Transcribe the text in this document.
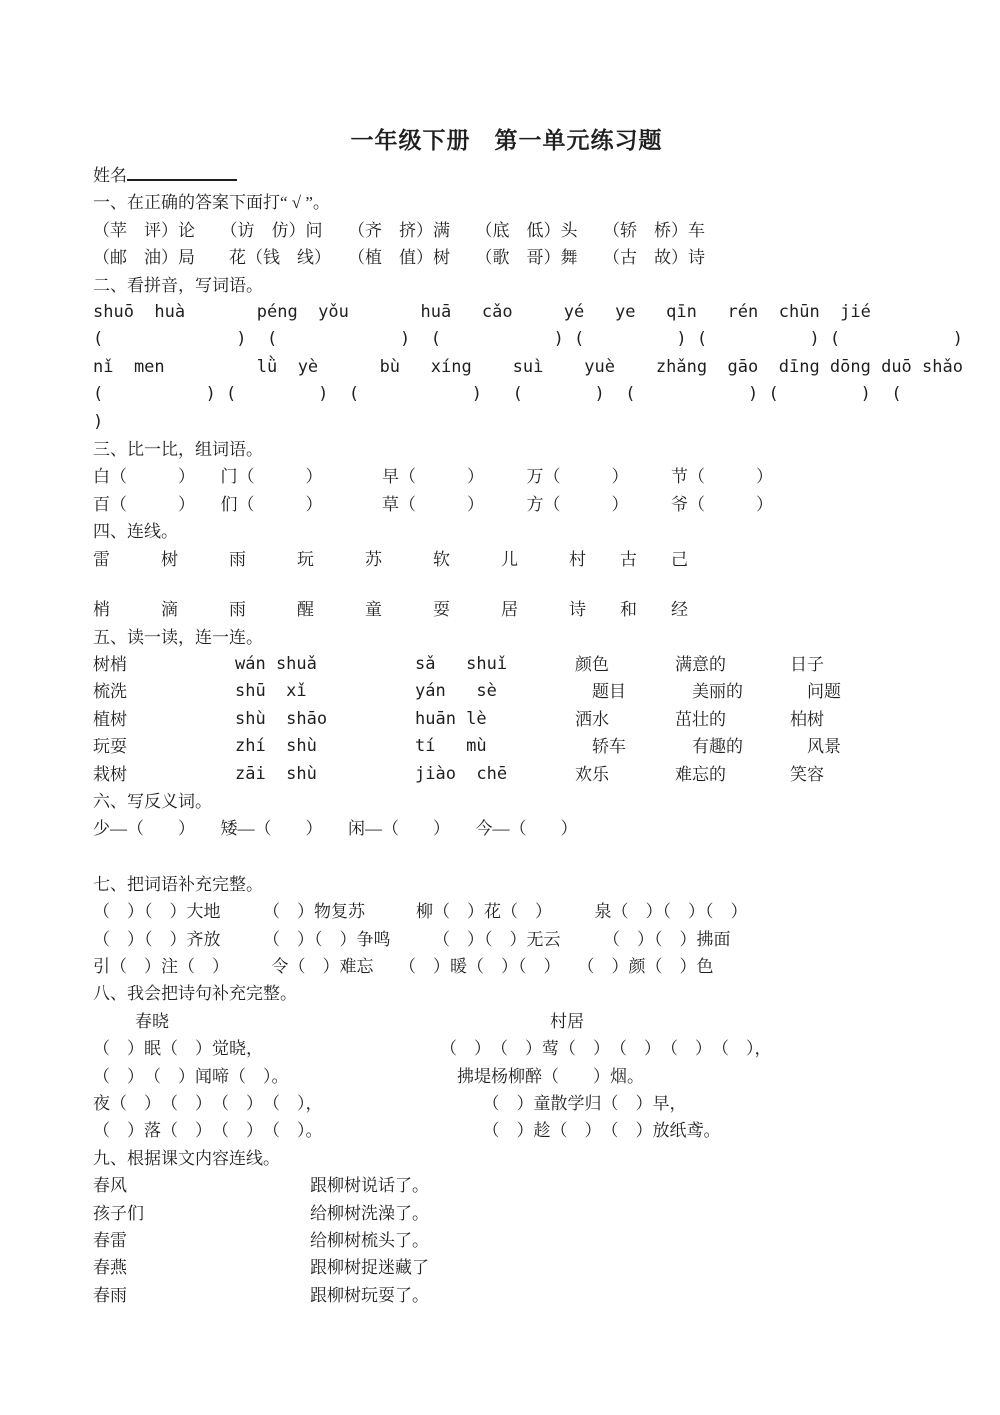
一年级下册　第一单元练习题
姓名
一、在正确的答案下面打“ √ ”。
（苹　评）论　　（访　仿）问　　（齐　挤）满　　（底　低）头　　（轿　桥）车
（邮　油）局　　花（钱　线）　　（植　值）树　　（歌　哥）舞　　（古　故）诗
二、看拼音，写词语。
shuō  huà       péng  yǒu       huā   cǎo     yé   ye   qīn   rén  chūn  jié
(             )  (            )  (           ) (         ) (          ) (           )
nǐ  men         lǜ  yè      bù   xíng    suì    yuè    zhǎng  gāo  dīng dōng duō shǎo
(          ) (        )  (           )   (       )  (           ) (        )  (
)
三、比一比，组词语。
白（　　　）　　门（　　　）　　　　早（　　　）　　　万（　　　）　　　节（　　　）
百（　　　）　　们（　　　）　　　　草（　　　）　　　方（　　　）　　　爷（　　　）
四、连线。
雷　　　树　　　雨　　　玩　　　苏　　　软　　　儿　　　村　　古　　己
梢　　　滴　　　雨　　　醒　　　童　　　耍　　　居　　　诗　　和　　经
五、读一读，连一连。
树梢	wán shuǎ	sǎ   shuǐ	颜色	满意的	日子
梳洗	shū  xǐ	yán   sè	　题目	　美丽的	　问题
植树	shù  shāo	huān lè	洒水	茁壮的	柏树
玩耍	zhí  shù	tí   mù	　轿车	　有趣的	　风景
栽树	zāi  shù	jiào  chē	欢乐	难忘的	笑容
六、写反义词。
少—（　　）　　矮—（　　）　　闲—（　　）　　今—（　　）
七、把词语补充完整。
（　）（　）大地　　　（　）物复苏　　　柳（　）花（　）　　　泉（　）（　）（　）
（　）（　）齐放　　　（　）（　）争鸣　　　（　）（　）无云　　　（　）（　）拂面
引（　）注（　）　　　令（　）难忘　　（　）暖（　）（　）　　（　）颜（　）色
八、我会把诗句补充完整。
春晓	村居
（　）眠（　）觉晓，	（　）　（　）莺（　）　（　）　（　）　（　），
（　）　（　）闻啼（　）。	　拂堤杨柳醉（　　）烟。
夜（　）　（　）　（　）　（　），	　　　（　）童散学归（　）早，
（　）落（　）　（　）　（　）。	　　　（　）趁（　）　（　）放纸鸢。
九、根据课文内容连线。
春风	跟柳树说话了。
孩子们	给柳树洗澡了。
春雷	给柳树梳头了。
春燕	跟柳树捉迷藏了
春雨	跟柳树玩耍了。
